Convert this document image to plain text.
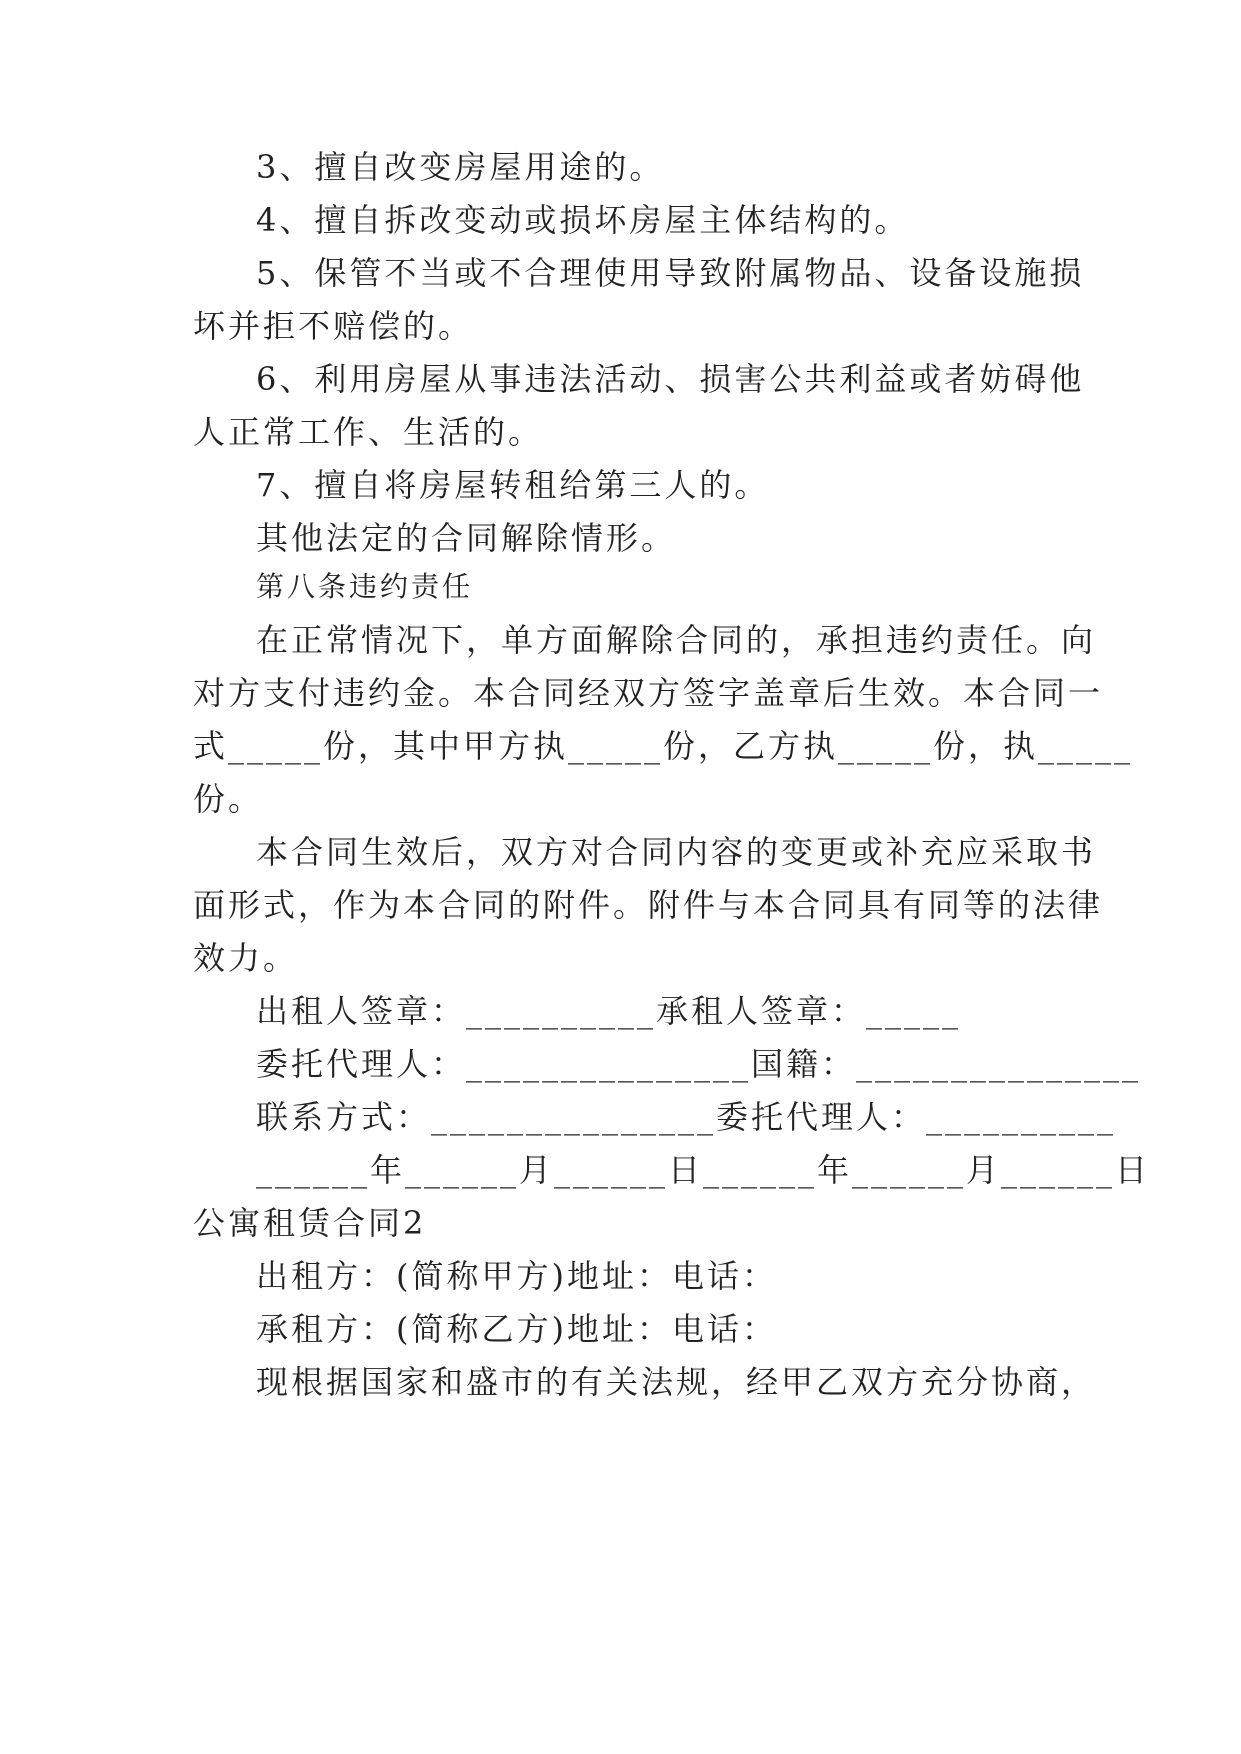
3、擅自改变房屋用途的。
4、擅自拆改变动或损坏房屋主体结构的。
5、保管不当或不合理使用导致附属物品、设备设施损
坏并拒不赔偿的。
6、利用房屋从事违法活动、损害公共利益或者妨碍他
人正常工作、生活的。
7、擅自将房屋转租给第三人的。
其他法定的合同解除情形。
第八条违约责任
在正常情况下，单方面解除合同的，承担违约责任。向
对方支付违约金。本合同经双方签字盖章后生效。本合同一
式_____份，其中甲方执_____份，乙方执_____份，执_____
份。
本合同生效后，双方对合同内容的变更或补充应采取书
面形式，作为本合同的附件。附件与本合同具有同等的法律
效力。
出租人签章：__________承租人签章：_____
委托代理人：_______________国籍：_______________
联系方式：_______________委托代理人：__________
______年______月______日______年______月______日
公寓租赁合同2
出租方：(简称甲方)地址：电话：
承租方：(简称乙方)地址：电话：
现根据国家和盛市的有关法规，经甲乙双方充分协商，
